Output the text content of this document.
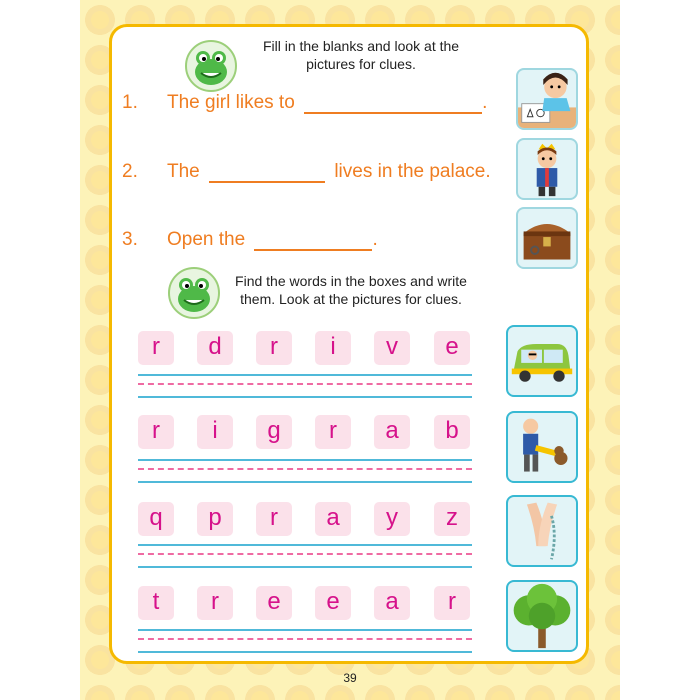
Fill in the blanks and look at the
pictures for clues.
1. The girl likes to	.
2. The	lives in the palace.
3. Open the	.
Find the words in the boxes and write
them. Look at the pictures for clues.
r	d	r	i	v	e
r	i	g	r	a	b
q	p	r	a	y	z
t	r	e	e	a	r
39
